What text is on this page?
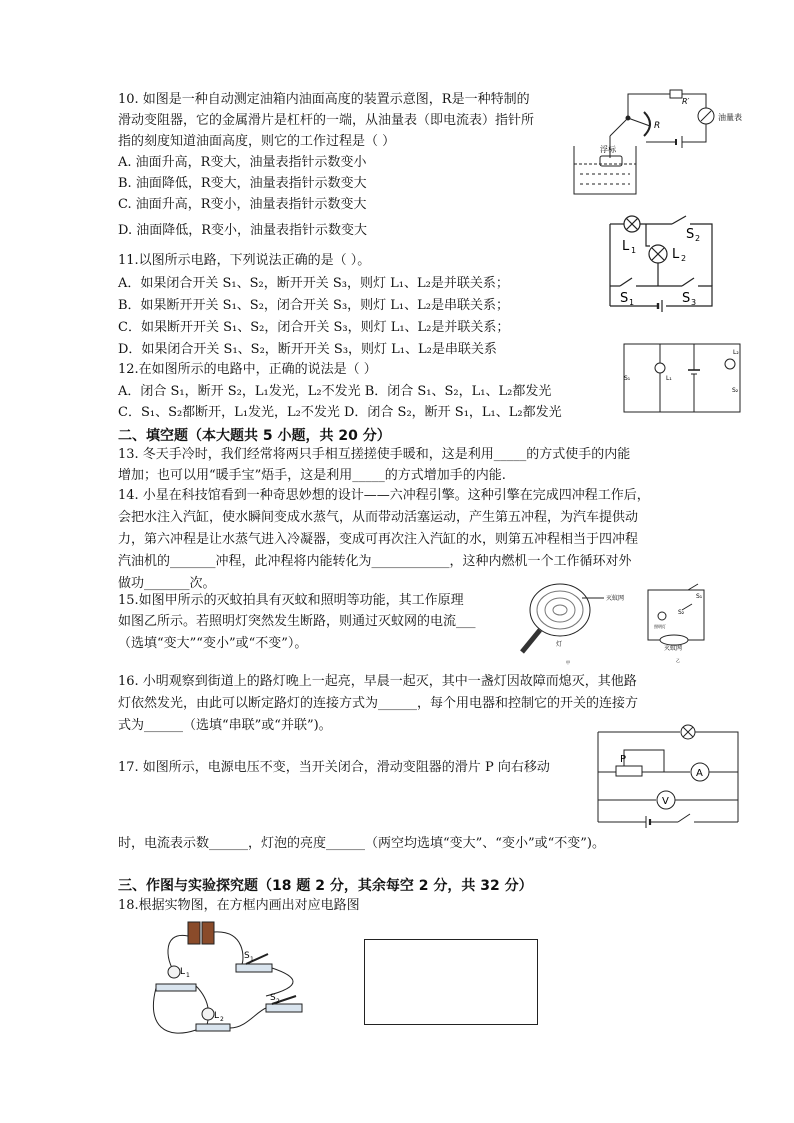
10. 如图是一种自动测定油箱内油面高度的装置示意图，R是一种特制的
滑动变阻器，它的金属滑片是杠杆的一端，从油量表（即电流表）指针所
指的刻度知道油面高度，则它的工作过程是（ ）
A. 油面升高，R变大，油量表指针示数变小
B. 油面降低，R变大，油量表指针示数变大
C. 油面升高，R变小，油量表指针示数变大
D. 油面降低，R变小，油量表指针示数变大
R′
R
油量表
浮标
11.以图所示电路，下列说法正确的是（ ）。
A．如果闭合开关 S₁、S₂，断开开关 S₃，则灯 L₁、L₂是并联关系；
B．如果断开开关 S₁、S₂，闭合开关 S₃，则灯 L₁、L₂是串联关系；
C．如果断开开关 S₁、S₂，闭合开关 S₃，则灯 L₁、L₂是并联关系；
D．如果闭合开关 S₁、S₂，断开开关 S₃，则灯 L₁、L₂是串联关系
L 1	L 2
S 2
S 1	S 3
12.在如图所示的电路中，正确的说法是（ ）
A．闭合 S₁，断开 S₂，L₁发光，L₂不发光 B．闭合 S₁、S₂，L₁、L₂都发光
C．S₁、S₂都断开，L₁发光，L₂不发光 D．闭合 S₂，断开 S₁，L₁、L₂都发光
S₁	L₁
L₂
S₂
二、填空题（本大题共 5 小题，共 20 分）
13. 冬天手冷时，我们经常将两只手相互搓搓使手暖和，这是利用_____的方式使手的内能
增加；也可以用“暖手宝”焐手，这是利用_____的方式增加手的内能.
14. 小星在科技馆看到一种奇思妙想的设计——六冲程引擎。这种引擎在完成四冲程工作后，
会把水注入汽缸，使水瞬间变成水蒸气，从而带动活塞运动，产生第五冲程，为汽车提供动
力，第六冲程是让水蒸气进入冷凝器，变成可再次注入汽缸的水，则第五冲程相当于四冲程
汽油机的_______冲程，此冲程将内能转化为____________，这种内燃机一个工作循环对外
做功_______次。
15.如图甲所示的灭蚊拍具有灭蚊和照明等功能，其工作原理
如图乙所示。若照明灯突然发生断路，则通过灭蚊网的电流___
（选填“变大”“变小”或“不变”）。
灭蚊网
灯
S₁
S₂
照明灯
灭蚊网
甲	乙
16. 小明观察到街道上的路灯晚上一起亮，早晨一起灭，其中一盏灯因故障而熄灭，其他路
灯依然发光，由此可以断定路灯的连接方式为______，每个用电器和控制它的开关的连接方
式为______（选填“串联”或“并联”)。
17. 如图所示，电源电压不变，当开关闭合，滑动变阻器的滑片 P 向右移动
时，电流表示数______，灯泡的亮度______（两空均选填“变大”、“变小”或“不变”)。
P
A
V
三、作图与实验探究题（18 题 2 分，其余每空 2 分，共 32 分）
18.根据实物图，在方框内画出对应电路图
S 1
L 1
L 2
S 2
